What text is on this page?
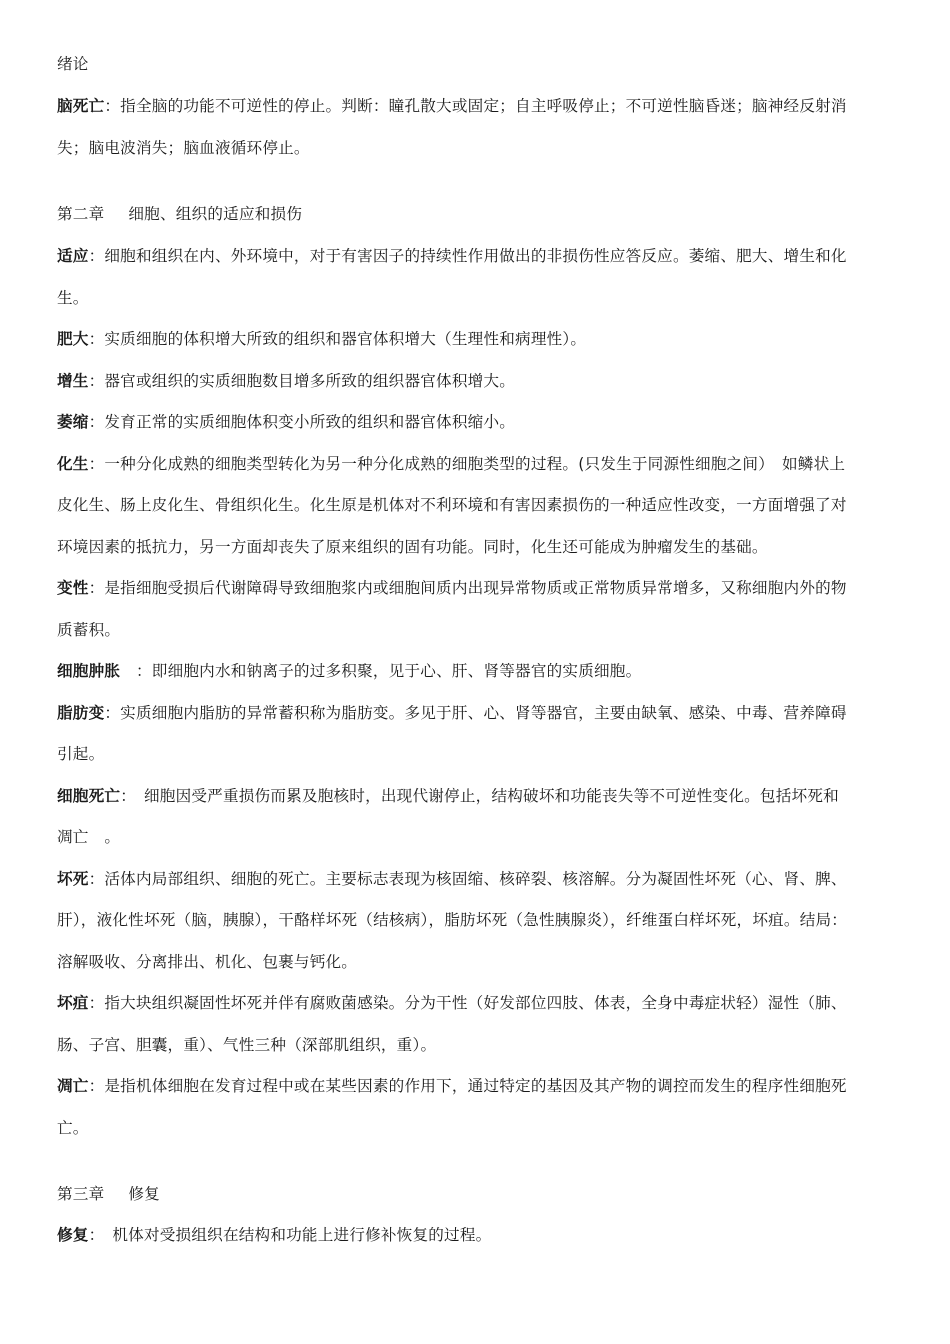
绪论
脑死亡：指全脑的功能不可逆性的停止。判断：瞳孔散大或固定；自主呼吸停止；不可逆性脑昏迷；脑神经反射消
失；脑电波消失；脑血液循环停止。
第二章 细胞、组织的适应和损伤
适应：细胞和组织在内、外环境中，对于有害因子的持续性作用做出的非损伤性应答反应。萎缩、肥大、增生和化
生。
肥大：实质细胞的体积增大所致的组织和器官体积增大（生理性和病理性）。
增生：器官或组织的实质细胞数目增多所致的组织器官体积增大。
萎缩：发育正常的实质细胞体积变小所致的组织和器官体积缩小。
化生：一种分化成熟的细胞类型转化为另一种分化成熟的细胞类型的过程。(只发生于同源性细胞之间）　如鳞状上
皮化生、肠上皮化生、骨组织化生。化生原是机体对不利环境和有害因素损伤的一种适应性改变，一方面增强了对
环境因素的抵抗力，另一方面却丧失了原来组织的固有功能。同时，化生还可能成为肿瘤发生的基础。
变性：是指细胞受损后代谢障碍导致细胞浆内或细胞间质内出现异常物质或正常物质异常增多，又称细胞内外的物
质蓄积。
细胞肿胀　：即细胞内水和钠离子的过多积聚，见于心、肝、肾等器官的实质细胞。
脂肪变：实质细胞内脂肪的异常蓄积称为脂肪变。多见于肝、心、肾等器官，主要由缺氧、感染、中毒、营养障碍
引起。
细胞死亡：　细胞因受严重损伤而累及胞核时，出现代谢停止，结构破坏和功能丧失等不可逆性变化。包括坏死和
凋亡　。
坏死：活体内局部组织、细胞的死亡。主要标志表现为核固缩、核碎裂、核溶解。分为凝固性坏死（心、肾、脾、
肝），液化性坏死（脑，胰腺），干酪样坏死（结核病），脂肪坏死（急性胰腺炎），纤维蛋白样坏死，坏疽。结局：
溶解吸收、分离排出、机化、包裹与钙化。
坏疽：指大块组织凝固性坏死并伴有腐败菌感染。分为干性（好发部位四肢、体表，全身中毒症状轻）湿性（肺、
肠、子宫、胆囊，重）、气性三种（深部肌组织，重）。
凋亡：是指机体细胞在发育过程中或在某些因素的作用下，通过特定的基因及其产物的调控而发生的程序性细胞死
亡。
第三章 修复
修复：　机体对受损组织在结构和功能上进行修补恢复的过程。
